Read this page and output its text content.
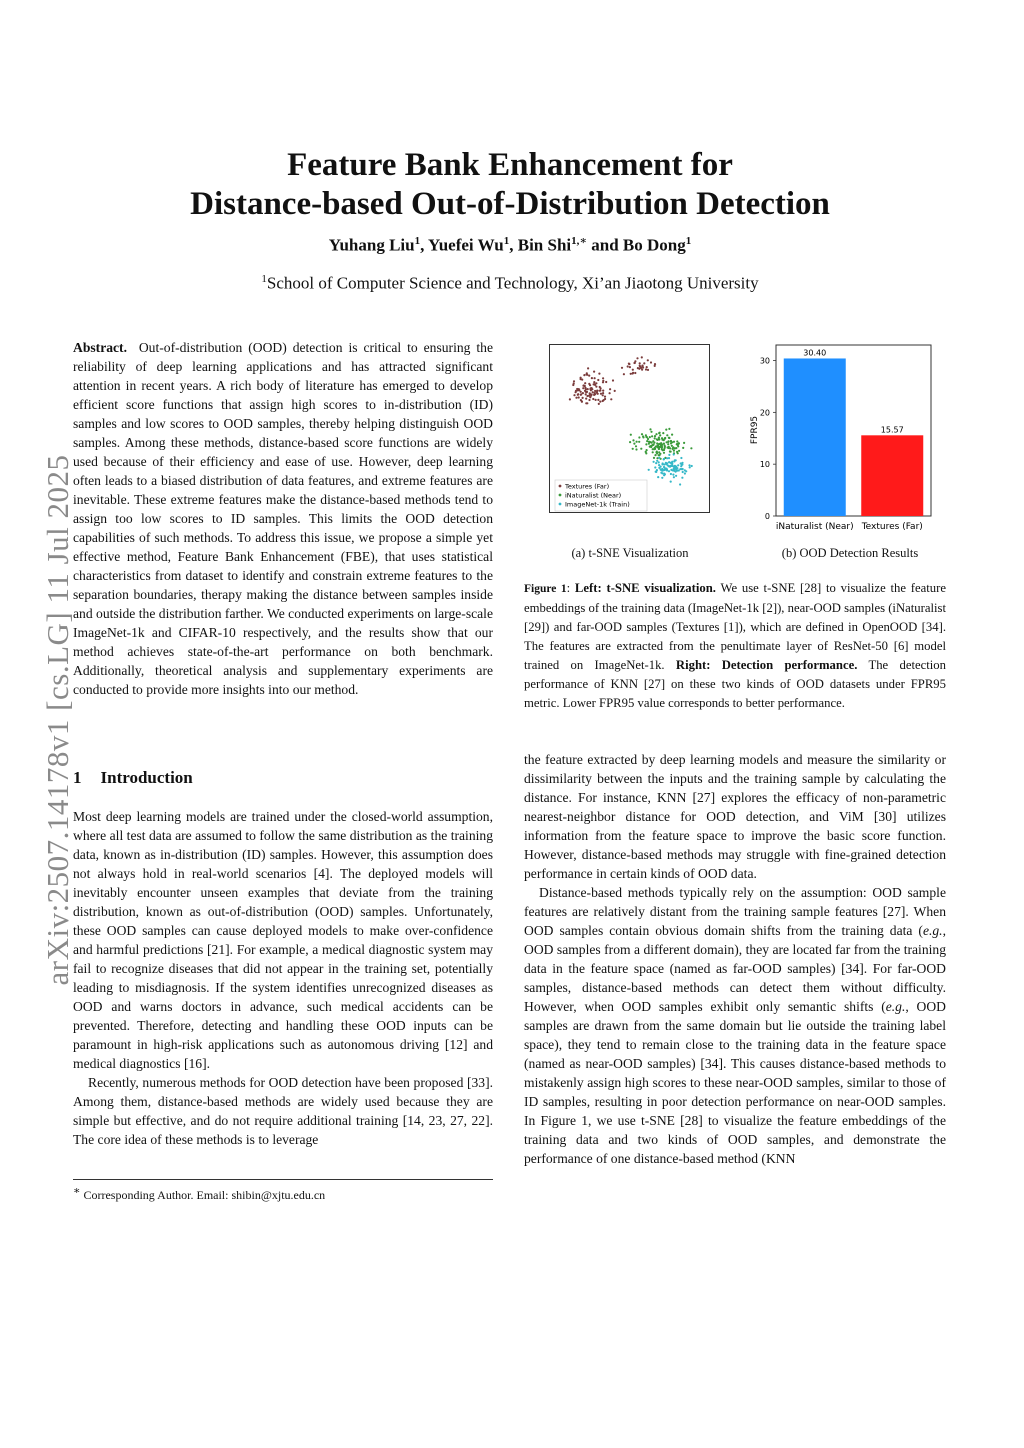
arXiv:2507.14178v1 [cs.LG] 11 Jul 2025
Feature Bank Enhancement for
Distance-based Out-of-Distribution Detection
Yuhang Liu$^1$, Yuefei Wu$^1$, Bin Shi$^{1,∗}$ and Bo Dong$^1$
$^1$School of Computer Science and Technology, Xi’an Jiaotong University

Abstract. Out-of-distribution (OOD) detection is critical to ensuring the reliability of deep learning applications and has attracted significant attention in recent years. A rich body of literature has emerged to develop efficient score functions that assign high scores to in-distribution (ID) samples and low scores to OOD samples, thereby helping distinguish OOD samples. Among these methods, distance-based score functions are widely used because of their efficiency and ease of use. However, deep learning often leads to a biased distribution of data features, and extreme features are inevitable. These extreme features make the distance-based methods tend to assign too low scores to ID samples. This limits the OOD detection capabilities of such methods. To address this issue, we propose a simple yet effective method, Feature Bank Enhancement (FBE), that uses statistical characteristics from dataset to identify and constrain extreme features to the separation boundaries, therapy making the distance between samples inside and outside the distribution farther. We conducted experiments on large-scale ImageNet-1k and CIFAR-10 respectively, and the results show that our method achieves state-of-the-art performance on both benchmark. Additionally, theoretical analysis and supplementary experiments are conducted to provide more insights into our method.

1 Introduction

Most deep learning models are trained under the closed-world assumption, where all test data are assumed to follow the same distribution as the training data, known as in-distribution (ID) samples. However, this assumption does not always hold in real-world scenarios [4]. The deployed models will inevitably encounter unseen examples that deviate from the training distribution, known as out-of-distribution (OOD) samples. Unfortunately, these OOD samples can cause deployed models to make over-confidence and harmful predictions [21]. For example, a medical diagnostic system may fail to recognize diseases that did not appear in the training set, potentially leading to misdiagnosis. If the system identifies unrecognized diseases as OOD and warns doctors in advance, such medical accidents can be prevented. Therefore, detecting and handling these OOD inputs can be paramount in high-risk applications such as autonomous driving [12] and medical diagnostics [16].

Recently, numerous methods for OOD detection have been proposed [33]. Among them, distance-based methods are widely used because they are simple but effective, and do not require additional training [14, 23, 27, 22]. The core idea of these methods is to leverage

∗ Corresponding Author. Email: shibin@xjtu.edu.cn
Textures (Far)
iNaturalist (Near)
ImageNet-1k (Train)
(a) t-SNE Visualization
FPR95
0
10
20
30
30.40
iNaturalist (Near)
15.57
Textures (Far)
(b) OOD Detection Results
Figure 1: Left: t-SNE visualization. We use t-SNE [28] to visualize the feature embeddings of the training data (ImageNet-1k [2]), near-OOD samples (iNaturalist [29]) and far-OOD samples (Textures [1]), which are defined in OpenOOD [34]. The features are extracted from the penultimate layer of ResNet-50 [6] model trained on ImageNet-1k. Right: Detection performance. The detection performance of KNN [27] on these two kinds of OOD datasets under FPR95 metric. Lower FPR95 value corresponds to better performance.

the feature extracted by deep learning models and measure the similarity or dissimilarity between the inputs and the training sample by calculating the distance. For instance, KNN [27] explores the efficacy of non-parametric nearest-neighbor distance for OOD detection, and ViM [30] utilizes information from the feature space to improve the basic score function. However, distance-based methods may struggle with fine-grained detection performance in certain kinds of OOD data.

Distance-based methods typically rely on the assumption: OOD sample features are relatively distant from the training sample features [27]. When OOD samples contain obvious domain shifts from the training data (e.g., OOD samples from a different domain), they are located far from the training data in the feature space (named as far-OOD samples) [34]. For far-OOD samples, distance-based methods can detect them without difficulty. However, when OOD samples exhibit only semantic shifts (e.g., OOD samples are drawn from the same domain but lie outside the training label space), they tend to remain close to the training data in the feature space (named as near-OOD samples) [34]. This causes distance-based methods to mistakenly assign high scores to these near-OOD samples, similar to those of ID samples, resulting in poor detection performance on near-OOD samples. In Figure 1, we use t-SNE [28] to visualize the feature embeddings of the training data and two kinds of OOD samples, and demonstrate the performance of one distance-based method (KNN
